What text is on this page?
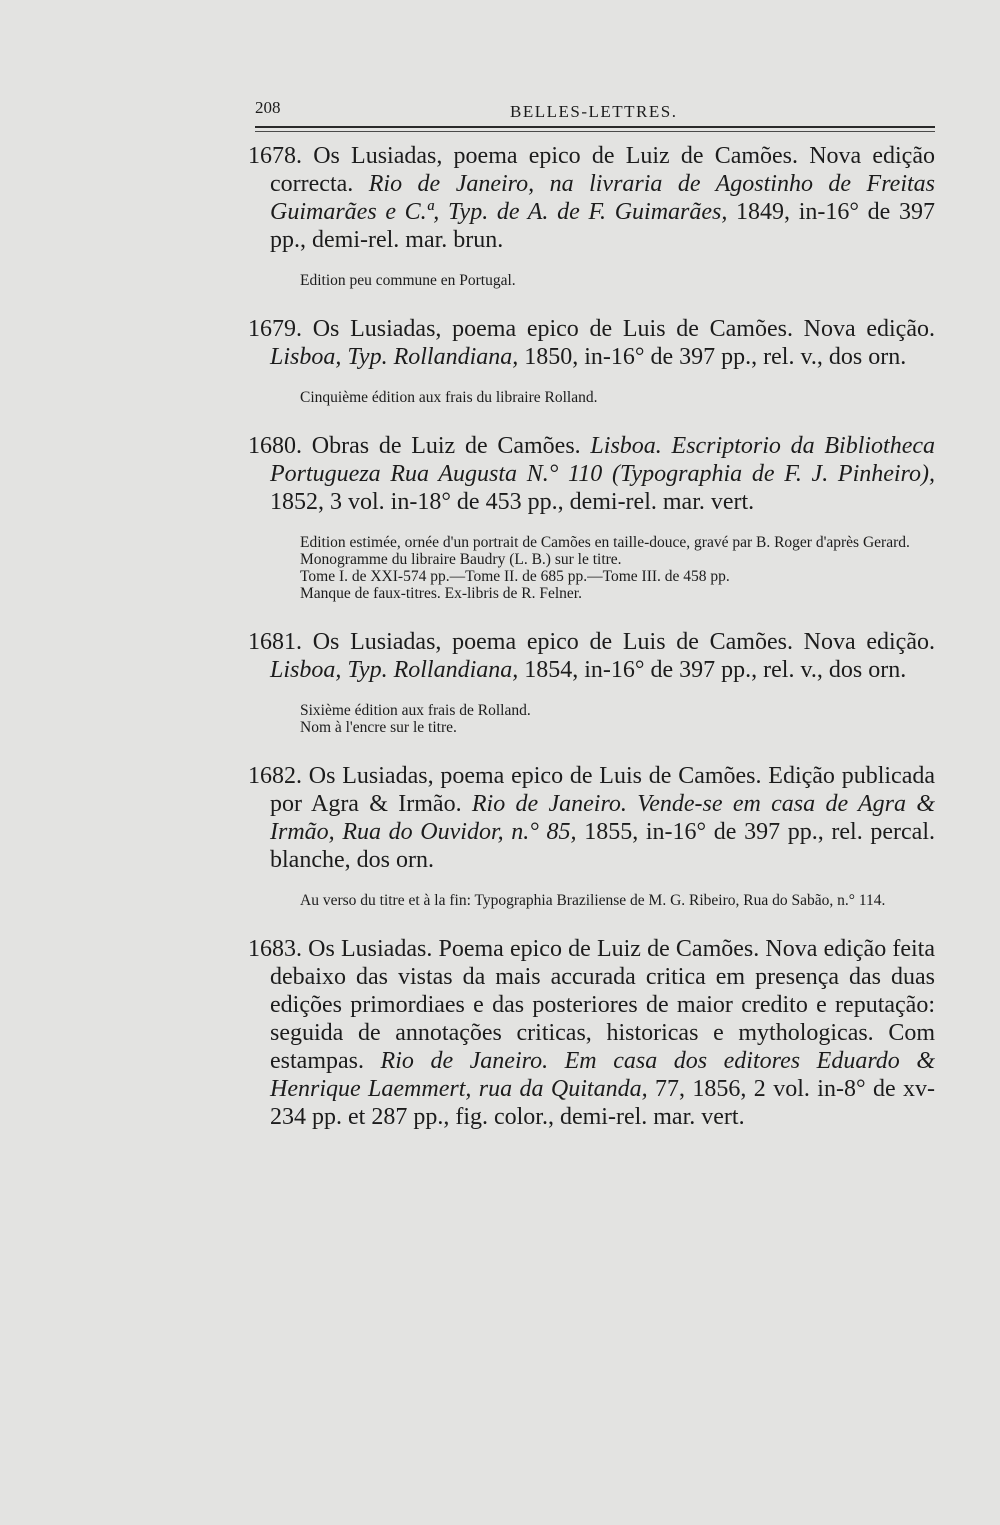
208	BELLES-LETTRES.

1678. Os Lusiadas, poema epico de Luiz de Camões. Nova edição correcta. Rio de Janeiro, na livraria de Agostinho de Freitas Guimarães e C.ª, Typ. de A. de F. Guimarães, 1849, in-16° de 397 pp., demi-rel. mar. brun.

Edition peu commune en Portugal.

1679. Os Lusiadas, poema epico de Luis de Camões. Nova edição. Lisboa, Typ. Rollandiana, 1850, in-16° de 397 pp., rel. v., dos orn.

Cinquième édition aux frais du libraire Rolland.

1680. Obras de Luiz de Camões. Lisboa. Escriptorio da Bibliotheca Portugueza Rua Augusta N.° 110 (Typographia de F. J. Pinheiro), 1852, 3 vol. in-18° de 453 pp., demi-rel. mar. vert.

Edition estimée, ornée d'un portrait de Camões en taille-douce, gravé par B. Roger d'après Gerard. Monogramme du libraire Baudry (L. B.) sur le titre.
Tome I. de XXI-574 pp.—Tome II. de 685 pp.—Tome III. de 458 pp.
Manque de faux-titres. Ex-libris de R. Felner.

1681. Os Lusiadas, poema epico de Luis de Camões. Nova edição. Lisboa, Typ. Rollandiana, 1854, in-16° de 397 pp., rel. v., dos orn.

Sixième édition aux frais de Rolland.
Nom à l'encre sur le titre.

1682. Os Lusiadas, poema epico de Luis de Camões. Edição publicada por Agra & Irmão. Rio de Janeiro. Vende-se em casa de Agra & Irmão, Rua do Ouvidor, n.° 85, 1855, in-16° de 397 pp., rel. percal. blanche, dos orn.

Au verso du titre et à la fin: Typographia Braziliense de M. G. Ribeiro, Rua do Sabão, n.° 114.

1683. Os Lusiadas. Poema epico de Luiz de Camões. Nova edição feita debaixo das vistas da mais accurada critica em presença das duas edições primordiaes e das posteriores de maior credito e reputação: seguida de annotações criticas, historicas e mythologicas. Com estampas. Rio de Janeiro. Em casa dos editores Eduardo & Henrique Laemmert, rua da Quitanda, 77, 1856, 2 vol. in-8° de xv-234 pp. et 287 pp., fig. color., demi-rel. mar. vert.
